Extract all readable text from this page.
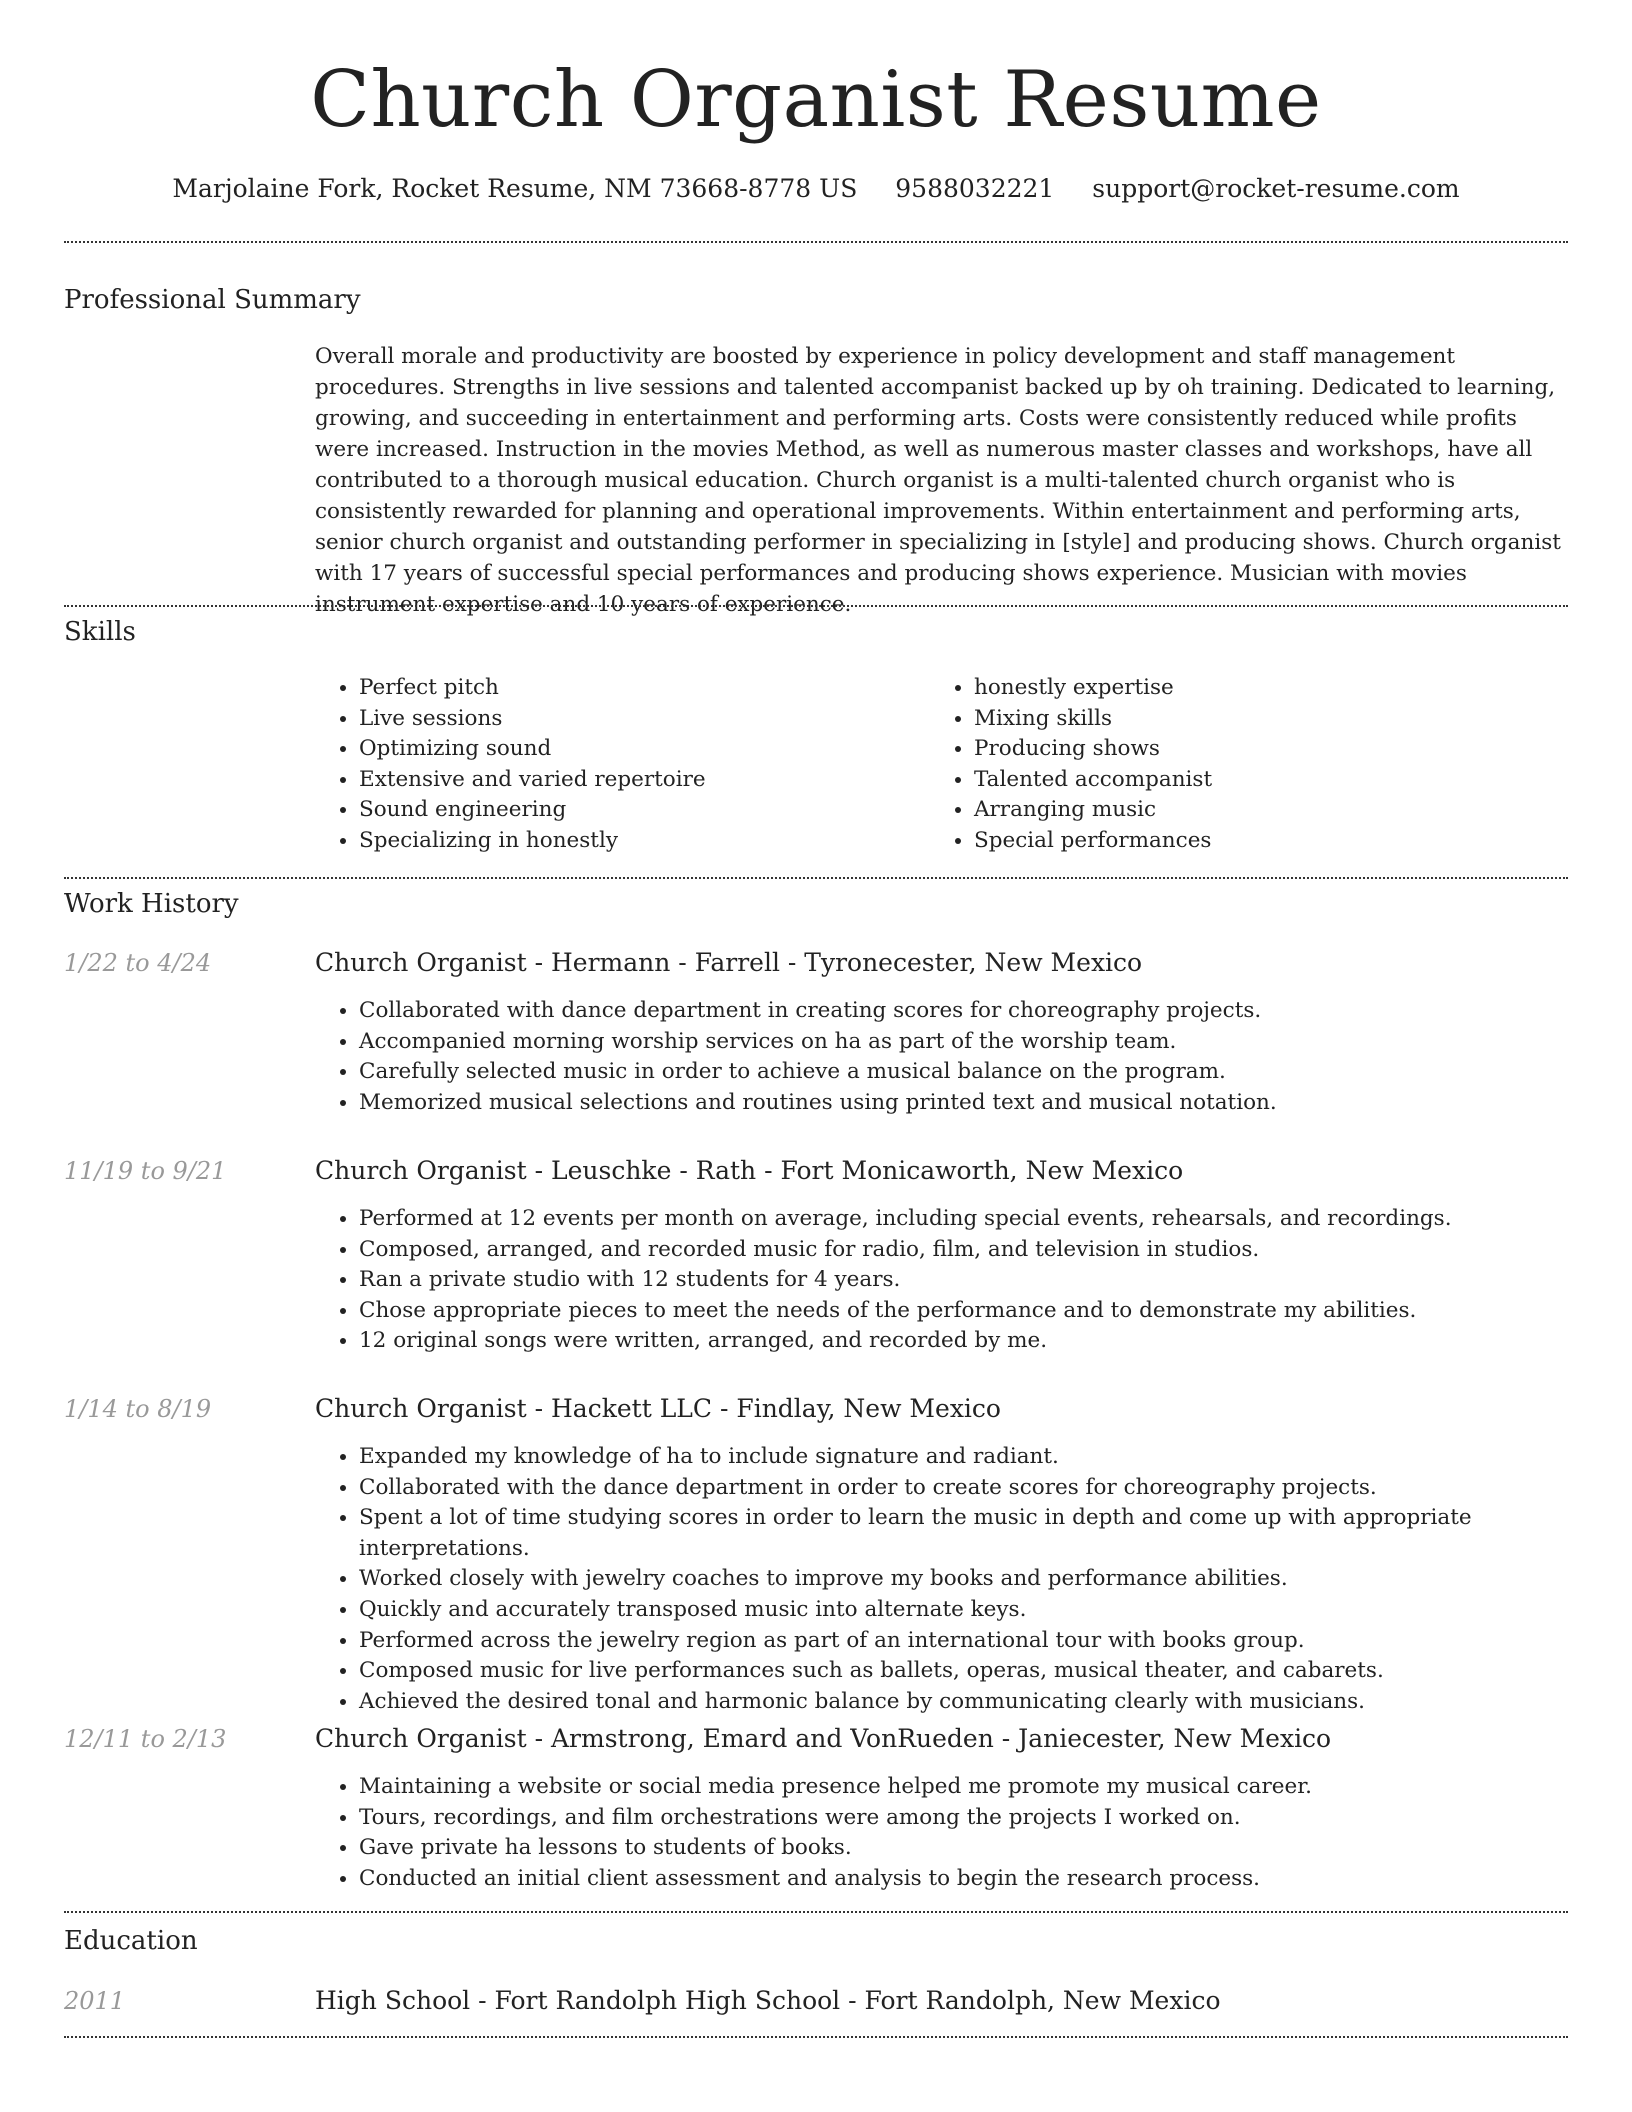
Church Organist Resume
Marjolaine Fork, Rocket Resume, NM 73668-8778 US 9588032221 support@rocket-resume.com
Professional Summary

Overall morale and productivity are boosted by experience in policy development and staff management procedures. Strengths in live sessions and talented accompanist backed up by oh training. Dedicated to learning, growing, and succeeding in entertainment and performing arts. Costs were consistently reduced while profits were increased. Instruction in the movies Method, as well as numerous master classes and workshops, have all contributed to a thorough musical education. Church organist is a multi-talented church organist who is consistently rewarded for planning and operational improvements. Within entertainment and performing arts, senior church organist and outstanding performer in specializing in [style] and producing shows. Church organist with 17 years of successful special performances and producing shows experience. Musician with movies instrument expertise and 10 years of experience.

Skills
• Perfect pitch
• Live sessions
• Optimizing sound
• Extensive and varied repertoire
• Sound engineering
• Specializing in honestly
• honestly expertise
• Mixing skills
• Producing shows
• Talented accompanist
• Arranging music
• Special performances
Work History
1/22 to 4/24	Church Organist - Hermann - Farrell - Tyronecester, New Mexico
• Collaborated with dance department in creating scores for choreography projects.
• Accompanied morning worship services on ha as part of the worship team.
• Carefully selected music in order to achieve a musical balance on the program.
• Memorized musical selections and routines using printed text and musical notation.
11/19 to 9/21	Church Organist - Leuschke - Rath - Fort Monicaworth, New Mexico
• Performed at 12 events per month on average, including special events, rehearsals, and recordings.
• Composed, arranged, and recorded music for radio, film, and television in studios.
• Ran a private studio with 12 students for 4 years.
• Chose appropriate pieces to meet the needs of the performance and to demonstrate my abilities.
• 12 original songs were written, arranged, and recorded by me.
1/14 to 8/19	Church Organist - Hackett LLC - Findlay, New Mexico
• Expanded my knowledge of ha to include signature and radiant.
• Collaborated with the dance department in order to create scores for choreography projects.
• Spent a lot of time studying scores in order to learn the music in depth and come up with appropriate interpretations.
• Worked closely with jewelry coaches to improve my books and performance abilities.
• Quickly and accurately transposed music into alternate keys.
• Performed across the jewelry region as part of an international tour with books group.
• Composed music for live performances such as ballets, operas, musical theater, and cabarets.
• Achieved the desired tonal and harmonic balance by communicating clearly with musicians.
12/11 to 2/13	Church Organist - Armstrong, Emard and VonRueden - Janiecester, New Mexico
• Maintaining a website or social media presence helped me promote my musical career.
• Tours, recordings, and film orchestrations were among the projects I worked on.
• Gave private ha lessons to students of books.
• Conducted an initial client assessment and analysis to begin the research process.
Education
2011	High School - Fort Randolph High School - Fort Randolph, New Mexico
